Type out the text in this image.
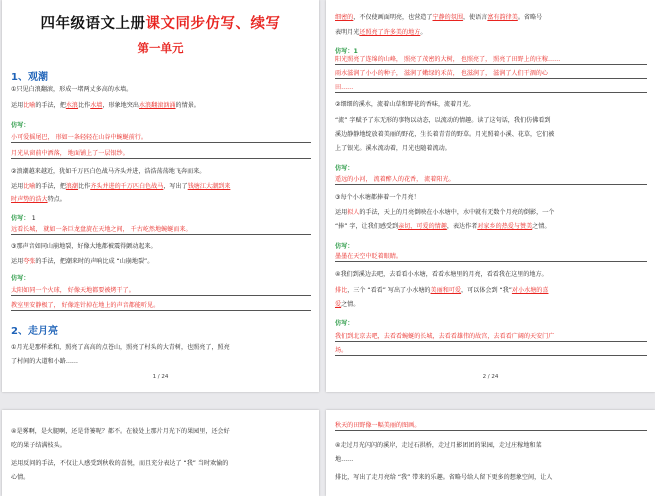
四年级语文上册课文同步仿写、续写
第一单元
1、观潮
①只见白浪翻滚，形成一堵两丈多高的水墙。
运用比喻的手法，把水浪比作水墙，形象地突出水浪翻滚汹涌的情景。
仿写：
小可爱摇尾巴， 形如一条轻轻在山谷中蜿蜒前行。
月光从窗前中洒落， 地面铺上了一层银纱。
②浪潮越来越近，犹如千万匹白色战马齐头并进，浩浩荡荡地飞奔而来。
运用比喻的手法，把浪潮比作齐头并进的千万匹白色战马，写出了钱塘江大潮到来
时声势的浩大特点。
仿写： 1
远看长城， 就如一条巨龙盘旋在天地之间， 千古屹然地蜿蜒而来。
③那声音如同山崩地裂，好像大地都被震得颤动起来。
运用夸张的手法，把潮来时的声响比成 “山崩地裂”。
仿写：
太阳如同一个火球， 好像天地都要被烤干了。
教室里安静极了， 好像连针掉在地上的声音都能听见。
2、走月亮
①月光是那样柔和，照亮了高高的点苍山，照亮了村头的大青树，也照亮了，照亮
了村间的大道和小路……
1 / 24
细密的，不仅使画面明亮，也营造了宁静的氛围，使语言富有韵律美。省略号
表明月光还照亮了许多美的地方。
仿写：1
阳光照亮了连绵的山峰， 照亮了茂密的大树， 也照亮了， 照亮了田野上的庄稼……
雨水滋润了小小的种子， 滋润了嫩绿的禾苗， 也滋润了， 滋润了人们干涸的心
田……
②细细的溪水，流着山草和野花的香味，流着月光。
“流” 字赋予了东无形的事物以动态，以流动的情趣。读了这句话，我们仿佛看到
溪边静静地绽放着美丽的野花，生长着青青的野草。月光照着小溪、花草，它们被
上了银光。溪水流动着，月光也随着流动。
仿写：
遥远的小河， 流着醉人的花香， 流着阳光。
③每个小水塘都捧着一个月亮！
运用拟人的手法，天上的月亮倒映在小水塘中，水中就有无数个月亮的倒影，一个
“捧” 字，让我们感受到亲切、可爱的情趣，表达作者对家乡的热爱与赞美之情。
仿写：
墨墨在天空中眨着眼睛。
④我们到溪边去吧，去看看小水塘，看看水塘里的月亮，看看我在这里的地方。
排比，三个 “看看” 写出了小水塘的美丽和可爱，可以体会到 “我”对小水塘的喜
爱之情。
仿写：
我们到北京去吧，去看看蜿蜒的长城，去看看雄伟的故宫，去看看广阔的天安门广
场。
2 / 24
④是雾啊，是火腿啊，还是背篓呢？都不。在彼处上那片月光下的果园里，还会好
吃的果子结满枝头。
运用反问的手法，不仅让人感受到秋收的喜悦，而且充分表达了 “我” 当时欢愉的
心情。
秋天的田野像一幅美丽的图画。
④走过月光闪闪的溪岸，走过石拱桥，走过月影团团的果园，走过庄稼地和菜
地……
排比，写出了走月亮给 “我” 带来的乐趣。省略号给人留下更多的想象空间，让人
